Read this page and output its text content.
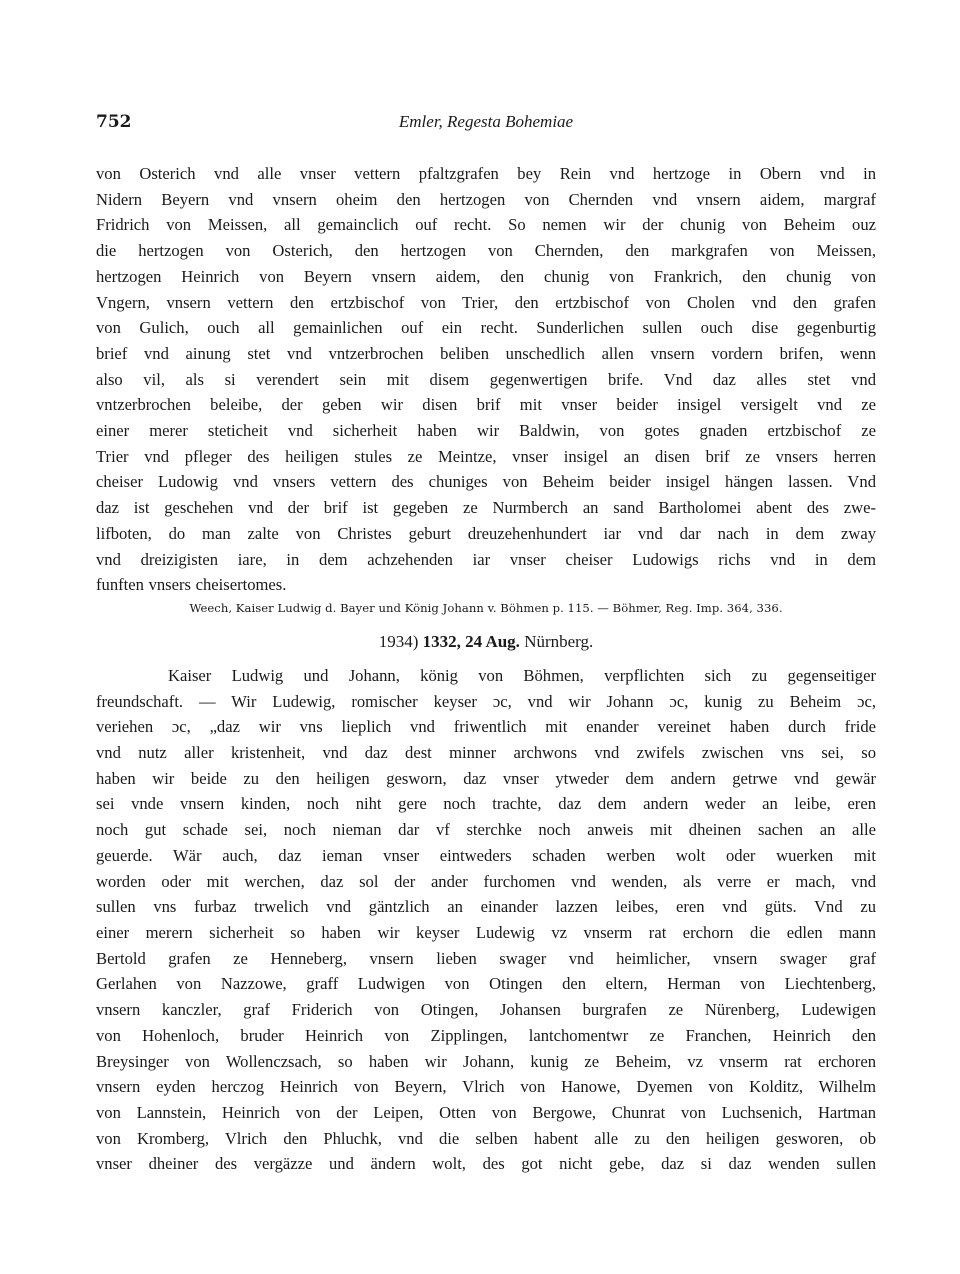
752	Emler, Regesta Bohemiae
von Osterich vnd alle vnser vettern pfaltzgrafen bey Rein vnd hertzoge in Obern vnd in
Nidern Beyern vnd vnsern oheim den hertzogen von Chernden vnd vnsern aidem, margraf
Fridrich von Meissen, all gemainclich ouf recht. So nemen wir der chunig von Beheim ouz
die hertzogen von Osterich, den hertzogen von Chernden, den markgrafen von Meissen,
hertzogen Heinrich von Beyern vnsern aidem, den chunig von Frankrich, den chunig von
Vngern, vnsern vettern den ertzbischof von Trier, den ertzbischof von Cholen vnd den grafen
von Gulich, ouch all gemainlichen ouf ein recht. Sunderlichen sullen ouch dise gegenburtig
brief vnd ainung stet vnd vntzerbrochen beliben unschedlich allen vnsern vordern brifen, wenn
also vil, als si verendert sein mit disem gegenwertigen brife. Vnd daz alles stet vnd
vntzerbrochen beleibe, der geben wir disen brif mit vnser beider insigel versigelt vnd ze
einer merer steticheit vnd sicherheit haben wir Baldwin, von gotes gnaden ertzbischof ze
Trier vnd pfleger des heiligen stules ze Meintze, vnser insigel an disen brif ze vnsers herren
cheiser Ludowig vnd vnsers vettern des chuniges von Beheim beider insigel hängen lassen. Vnd
daz ist geschehen vnd der brif ist gegeben ze Nurmberch an sand Bartholomei abent des zwe-
lifboten, do man zalte von Christes geburt dreuzehenhundert iar vnd dar nach in dem zway
vnd dreizigisten iare, in dem achzehenden iar vnser cheiser Ludowigs richs vnd in dem
funften vnsers cheisertomes.
Weech, Kaiser Ludwig d. Bayer und König Johann v. Böhmen p. 115. — Böhmer, Reg. Imp. 364, 336.
1934) 1332, 24 Aug. Nürnberg.
Kaiser Ludwig und Johann, könig von Böhmen, verpflichten sich zu gegenseitiger
freundschaft. — Wir Ludewig, romischer keyser ɔc, vnd wir Johann ɔc, kunig zu Beheim ɔc,
veriehen ɔc, „daz wir vns lieplich vnd friwentlich mit enander vereinet haben durch fride
vnd nutz aller kristenheit, vnd daz dest minner archwons vnd zwifels zwischen vns sei, so
haben wir beide zu den heiligen gesworn, daz vnser ytweder dem andern getrwe vnd gewär
sei vnde vnsern kinden, noch niht gere noch trachte, daz dem andern weder an leibe, eren
noch gut schade sei, noch nieman dar vf sterchke noch anweis mit dheinen sachen an alle
geuerde. Wär auch, daz ieman vnser eintweders schaden werben wolt oder wuerken mit
worden oder mit werchen, daz sol der ander furchomen vnd wenden, als verre er mach, vnd
sullen vns furbaz trwelich vnd gäntzlich an einander lazzen leibes, eren vnd güts. Vnd zu
einer merern sicherheit so haben wir keyser Ludewig vz vnserm rat erchorn die edlen mann
Bertold grafen ze Henneberg, vnsern lieben swager vnd heimlicher, vnsern swager graf
Gerlahen von Nazzowe, graff Ludwigen von Otingen den eltern, Herman von Liechtenberg,
vnsern kanczler, graf Friderich von Otingen, Johansen burgrafen ze Nürenberg, Ludewigen
von Hohenloch, bruder Heinrich von Zipplingen, lantchomentwr ze Franchen, Heinrich den
Breysinger von Wollenczsach, so haben wir Johann, kunig ze Beheim, vz vnserm rat erchoren
vnsern eyden herczog Heinrich von Beyern, Vlrich von Hanowe, Dyemen von Kolditz, Wilhelm
von Lannstein, Heinrich von der Leipen, Otten von Bergowe, Chunrat von Luchsenich, Hartman
von Kromberg, Vlrich den Phluchk, vnd die selben habent alle zu den heiligen gesworen, ob
vnser dheiner des vergäzze und ändern wolt, des got nicht gebe, daz si daz wenden sullen
